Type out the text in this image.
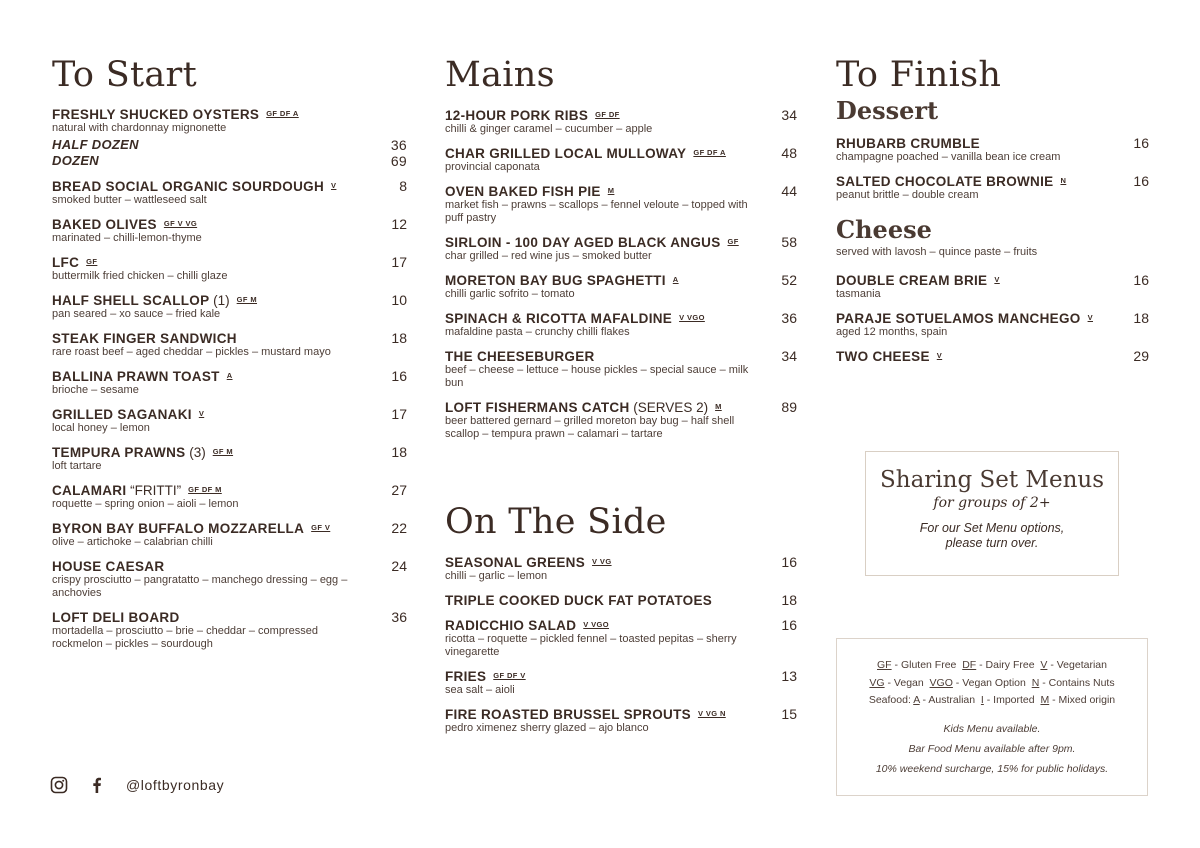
To Start
FRESHLY SHUCKED OYSTERS GF DF A
natural with chardonnay mignonette
HALF DOZEN	36
DOZEN	69
BREAD SOCIAL ORGANIC SOURDOUGH V	8
smoked butter – wattleseed salt
BAKED OLIVES GF V VG	12
marinated – chilli-lemon-thyme
LFC GF	17
buttermilk fried chicken – chilli glaze
HALF SHELL SCALLOP (1) GF M	10
pan seared – xo sauce – fried kale
STEAK FINGER SANDWICH	18
rare roast beef – aged cheddar – pickles – mustard mayo
BALLINA PRAWN TOAST A	16
brioche – sesame
GRILLED SAGANAKI V	17
local honey – lemon
TEMPURA PRAWNS (3) GF M	18
loft tartare
CALAMARI “FRITTI” GF DF M	27
roquette – spring onion – aioli – lemon
BYRON BAY BUFFALO MOZZARELLA GF V	22
olive – artichoke – calabrian chilli
HOUSE CAESAR	24
crispy prosciutto – pangratatto – manchego dressing – egg – anchovies
LOFT DELI BOARD	36
mortadella – prosciutto – brie – cheddar – compressed rockmelon – pickles – sourdough
Mains
12-HOUR PORK RIBS GF DF	34
chilli & ginger caramel – cucumber – apple
CHAR GRILLED LOCAL MULLOWAY GF DF A	48
provincial caponata
OVEN BAKED FISH PIE M	44
market fish – prawns – scallops – fennel veloute – topped with puff pastry
SIRLOIN - 100 DAY AGED BLACK ANGUS GF	58
char grilled – red wine jus – smoked butter
MORETON BAY BUG SPAGHETTI A	52
chilli garlic sofrito – tomato
SPINACH & RICOTTA MAFALDINE V VGO	36
mafaldine pasta – crunchy chilli flakes
THE CHEESEBURGER	34
beef – cheese – lettuce – house pickles – special sauce – milk bun
LOFT FISHERMANS CATCH (SERVES 2) M	89
beer battered gernard – grilled moreton bay bug – half shell scallop – tempura prawn – calamari – tartare
On The Side
SEASONAL GREENS V VG	16
chilli – garlic – lemon
TRIPLE COOKED DUCK FAT POTATOES	18
RADICCHIO SALAD V VGO	16
ricotta – roquette – pickled fennel – toasted pepitas – sherry vinegarette
FRIES GF DF V	13
sea salt – aioli
FIRE ROASTED BRUSSEL SPROUTS V VG N	15
pedro ximenez sherry glazed – ajo blanco
To Finish
Dessert
RHUBARB CRUMBLE	16
champagne poached – vanilla bean ice cream
SALTED CHOCOLATE BROWNIE N	16
peanut brittle – double cream
Cheese
served with lavosh – quince paste – fruits
DOUBLE CREAM BRIE V	16
tasmania
PARAJE SOTUELAMOS MANCHEGO V	18
aged 12 months, spain
TWO CHEESE V	29
Sharing Set Menus
for groups of 2+
For our Set Menu options,
please turn over.
GF - Gluten Free  DF - Dairy Free  V - Vegetarian
VG - Vegan  VGO - Vegan Option  N - Contains Nuts
Seafood: A - Australian  I - Imported  M - Mixed origin
Kids Menu available.
Bar Food Menu available after 9pm.
10% weekend surcharge, 15% for public holidays.
@loftbyronbay
